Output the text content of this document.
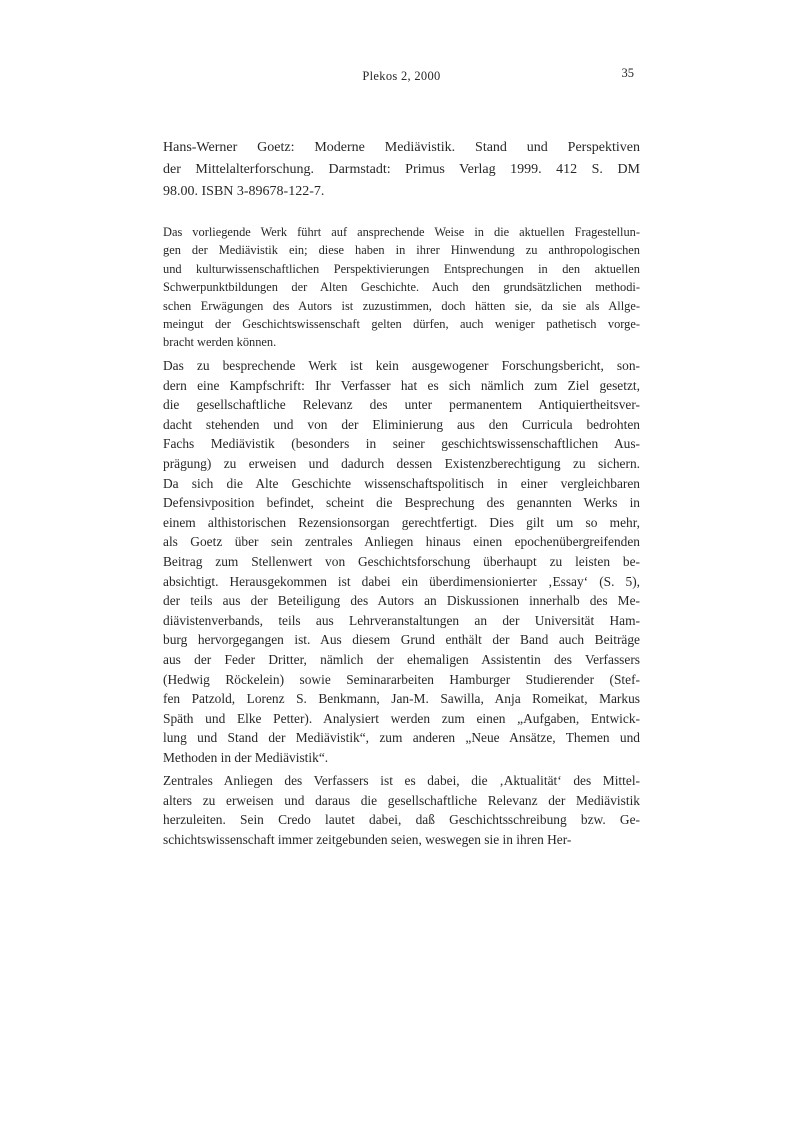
Plekos 2, 2000	35
Hans-Werner Goetz: Moderne Mediävistik. Stand und Perspektiven
der Mittelalterforschung. Darmstadt: Primus Verlag 1999. 412 S. DM
98.00. ISBN 3-89678-122-7.
Das vorliegende Werk führt auf ansprechende Weise in die aktuellen Fragestellun-
gen der Mediävistik ein; diese haben in ihrer Hinwendung zu anthropologischen
und kulturwissenschaftlichen Perspektivierungen Entsprechungen in den aktuellen
Schwerpunktbildungen der Alten Geschichte. Auch den grundsätzlichen methodi-
schen Erwägungen des Autors ist zuzustimmen, doch hätten sie, da sie als Allge-
meingut der Geschichtswissenschaft gelten dürfen, auch weniger pathetisch vorge-
bracht werden können.
Das zu besprechende Werk ist kein ausgewogener Forschungsbericht, son-
dern eine Kampfschrift: Ihr Verfasser hat es sich nämlich zum Ziel gesetzt,
die gesellschaftliche Relevanz des unter permanentem Antiquiertheitsver-
dacht stehenden und von der Eliminierung aus den Curricula bedrohten
Fachs Mediävistik (besonders in seiner geschichtswissenschaftlichen Aus-
prägung) zu erweisen und dadurch dessen Existenzberechtigung zu sichern.
Da sich die Alte Geschichte wissenschaftspolitisch in einer vergleichbaren
Defensivposition befindet, scheint die Besprechung des genannten Werks in
einem althistorischen Rezensionsorgan gerechtfertigt. Dies gilt um so mehr,
als Goetz über sein zentrales Anliegen hinaus einen epochenübergreifenden
Beitrag zum Stellenwert von Geschichtsforschung überhaupt zu leisten be-
absichtigt. Herausgekommen ist dabei ein überdimensionierter ‚Essay‘ (S. 5),
der teils aus der Beteiligung des Autors an Diskussionen innerhalb des Me-
diävistenverbands, teils aus Lehrveranstaltungen an der Universität Ham-
burg hervorgegangen ist. Aus diesem Grund enthält der Band auch Beiträge
aus der Feder Dritter, nämlich der ehemaligen Assistentin des Verfassers
(Hedwig Röckelein) sowie Seminararbeiten Hamburger Studierender (Stef-
fen Patzold, Lorenz S. Benkmann, Jan-M. Sawilla, Anja Romeikat, Markus
Späth und Elke Petter). Analysiert werden zum einen „Aufgaben, Entwick-
lung und Stand der Mediävistik“, zum anderen „Neue Ansätze, Themen und
Methoden in der Mediävistik“.
Zentrales Anliegen des Verfassers ist es dabei, die ‚Aktualität‘ des Mittel-
alters zu erweisen und daraus die gesellschaftliche Relevanz der Mediävistik
herzuleiten. Sein Credo lautet dabei, daß Geschichtsschreibung bzw. Ge-
schichtswissenschaft immer zeitgebunden seien, weswegen sie in ihren Her-
